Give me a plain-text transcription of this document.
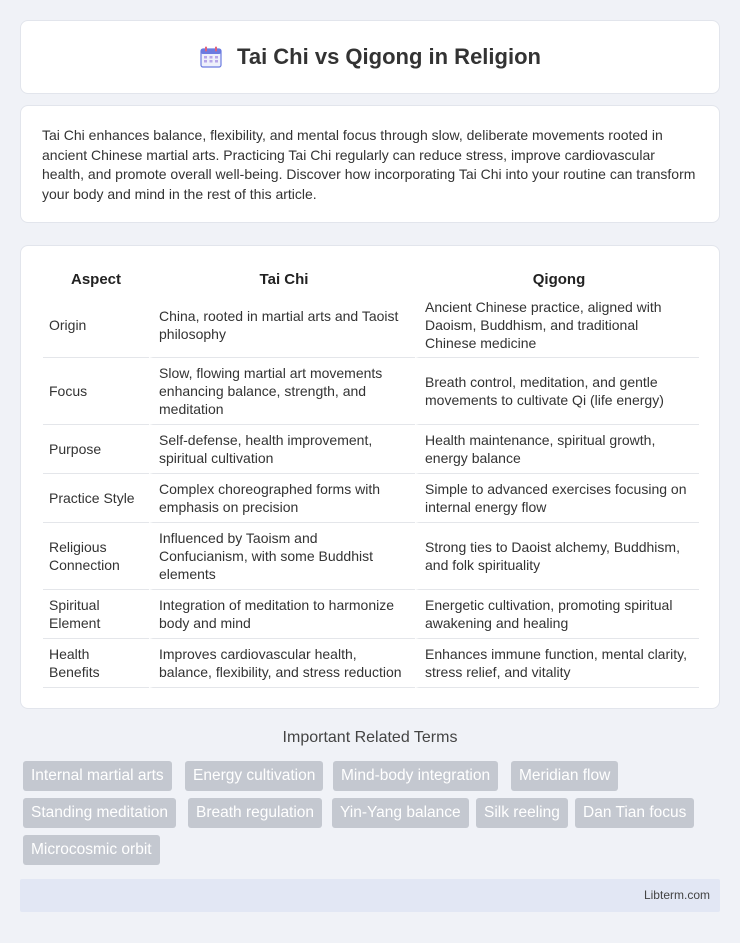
Tai Chi vs Qigong in Religion

Tai Chi enhances balance, flexibility, and mental focus through slow, deliberate movements rooted in ancient Chinese martial arts. Practicing Tai Chi regularly can reduce stress, improve cardiovascular health, and promote overall well-being. Discover how incorporating Tai Chi into your routine can transform your body and mind in the rest of this article.

Aspect	Tai Chi	Qigong
Origin	China, rooted in martial arts and Taoist philosophy	Ancient Chinese practice, aligned with Daoism, Buddhism, and traditional Chinese medicine
Focus	Slow, flowing martial art movements enhancing balance, strength, and meditation	Breath control, meditation, and gentle movements to cultivate Qi (life energy)
Purpose	Self-defense, health improvement, spiritual cultivation	Health maintenance, spiritual growth, energy balance
Practice Style	Complex choreographed forms with emphasis on precision	Simple to advanced exercises focusing on internal energy flow
Religious Connection	Influenced by Taoism and Confucianism, with some Buddhist elements	Strong ties to Daoist alchemy, Buddhism, and folk spirituality
Spiritual Element	Integration of meditation to harmonize body and mind	Energetic cultivation, promoting spiritual awakening and healing
Health Benefits	Improves cardiovascular health, balance, flexibility, and stress reduction	Enhances immune function, mental clarity, stress relief, and vitality
Important Related Terms
Internal martial arts	Energy cultivation	Mind-body integration	Meridian flow
Standing meditation	Breath regulation	Yin-Yang balance	Silk reeling	Dan Tian focus
Microcosmic orbit
Libterm.com
